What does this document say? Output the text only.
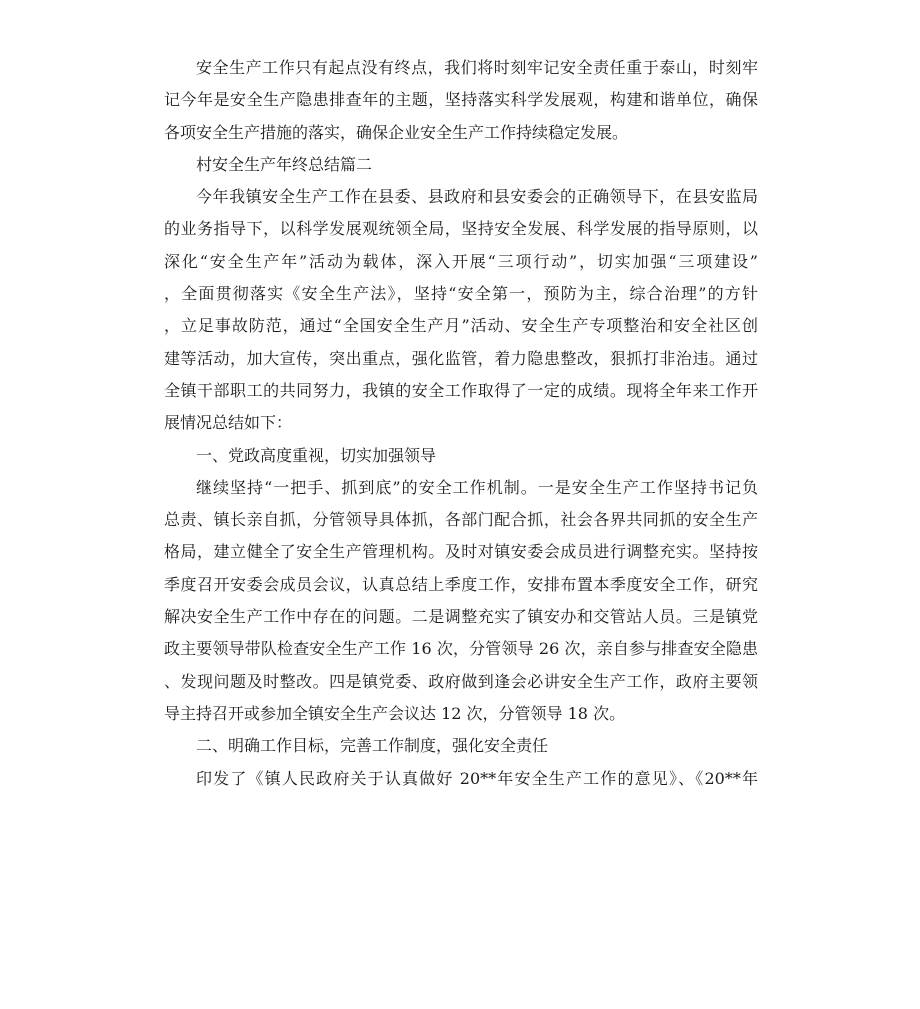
安全生产工作只有起点没有终点，我们将时刻牢记安全责任重于泰山，时刻牢
记今年是安全生产隐患排查年的主题，坚持落实科学发展观，构建和谐单位，确保
各项安全生产措施的落实，确保企业安全生产工作持续稳定发展。
村安全生产年终总结篇二
今年我镇安全生产工作在县委、县政府和县安委会的正确领导下，在县安监局
的业务指导下，以科学发展观统领全局，坚持安全发展、科学发展的指导原则，以
深化“安全生产年”活动为载体，深入开展“三项行动”，切实加强“三项建设”
，全面贯彻落实《安全生产法》，坚持“安全第一，预防为主，综合治理”的方针
，立足事故防范，通过“全国安全生产月”活动、安全生产专项整治和安全社区创
建等活动，加大宣传，突出重点，强化监管，着力隐患整改，狠抓打非治违。通过
全镇干部职工的共同努力，我镇的安全工作取得了一定的成绩。现将全年来工作开
展情况总结如下：
一、党政高度重视，切实加强领导
继续坚持“一把手、抓到底”的安全工作机制。一是安全生产工作坚持书记负
总责、镇长亲自抓，分管领导具体抓，各部门配合抓，社会各界共同抓的安全生产
格局，建立健全了安全生产管理机构。及时对镇安委会成员进行调整充实。坚持按
季度召开安委会成员会议，认真总结上季度工作，安排布置本季度安全工作，研究
解决安全生产工作中存在的问题。二是调整充实了镇安办和交管站人员。三是镇党
政主要领导带队检查安全生产工作 16 次，分管领导 26 次，亲自参与排查安全隐患
、发现问题及时整改。四是镇党委、政府做到逢会必讲安全生产工作，政府主要领
导主持召开或参加全镇安全生产会议达 12 次，分管领导 18 次。
二、明确工作目标，完善工作制度，强化安全责任
印发了《镇人民政府关于认真做好 20**年安全生产工作的意见》、《20**年
